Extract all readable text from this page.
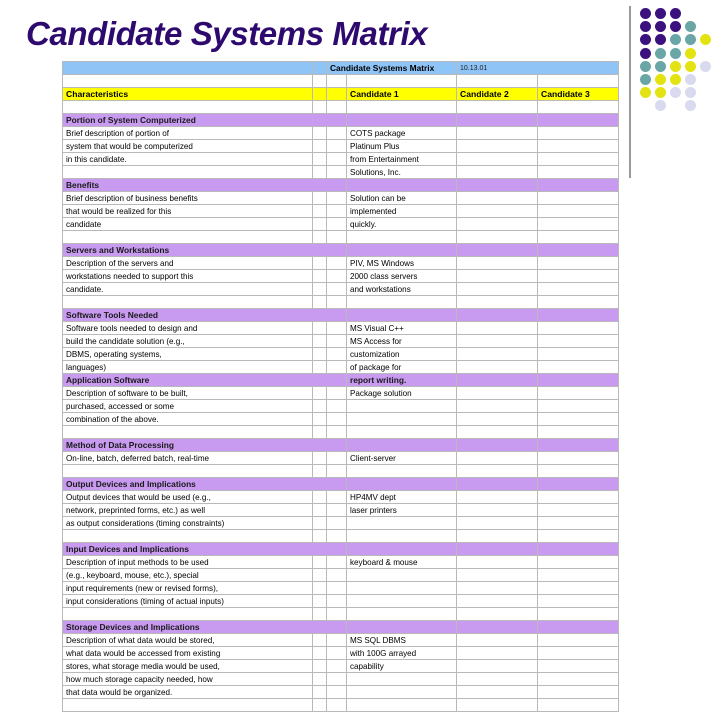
Candidate Systems Matrix
		Candidate Systems Matrix		10.13.01	

Characteristics			Candidate 1	Candidate 2	Candidate 3

Portion of System Computerized					
Brief description of portion of			COTS package		
system that would be computerized			Platinum Plus		
in this candidate.			from Entertainment		
			Solutions, Inc.		
Benefits					
Brief description of business benefits			Solution can be		
that would be realized for this			implemented		
candidate			quickly.		

Servers and Workstations					
Description of the servers and			PIV, MS Windows		
workstations needed to support this			2000 class servers		
candidate.			and workstations		

Software Tools Needed					
Software tools needed to design and			MS Visual C++		
build the candidate solution (e.g.,			MS Access for		
DBMS, operating systems,			customization		
languages)			of package for		
Application Software			report writing.		
Description of software to be built,			Package solution		
purchased, accessed or some					
combination of the above.					

Method of Data Processing					
On-line, batch, deferred batch, real-time			Client-server		

Output Devices and Implications					
Output devices that would be used (e.g.,			HP4MV dept		
network, preprinted forms, etc.) as well			laser printers		
as output considerations (timing constraints)					

Input Devices and Implications					
Description of input methods to be used			keyboard & mouse		
(e.g., keyboard, mouse, etc.), special					
input requirements (new or revised forms),					
input considerations (timing of actual inputs)					

Storage Devices and Implications					
Description of what data would be stored,			MS SQL DBMS		
what data would be accessed from existing			with 100G arrayed		
stores, what storage media would be used,			capability		
how much storage capacity needed, how					
that data would be organized.					
